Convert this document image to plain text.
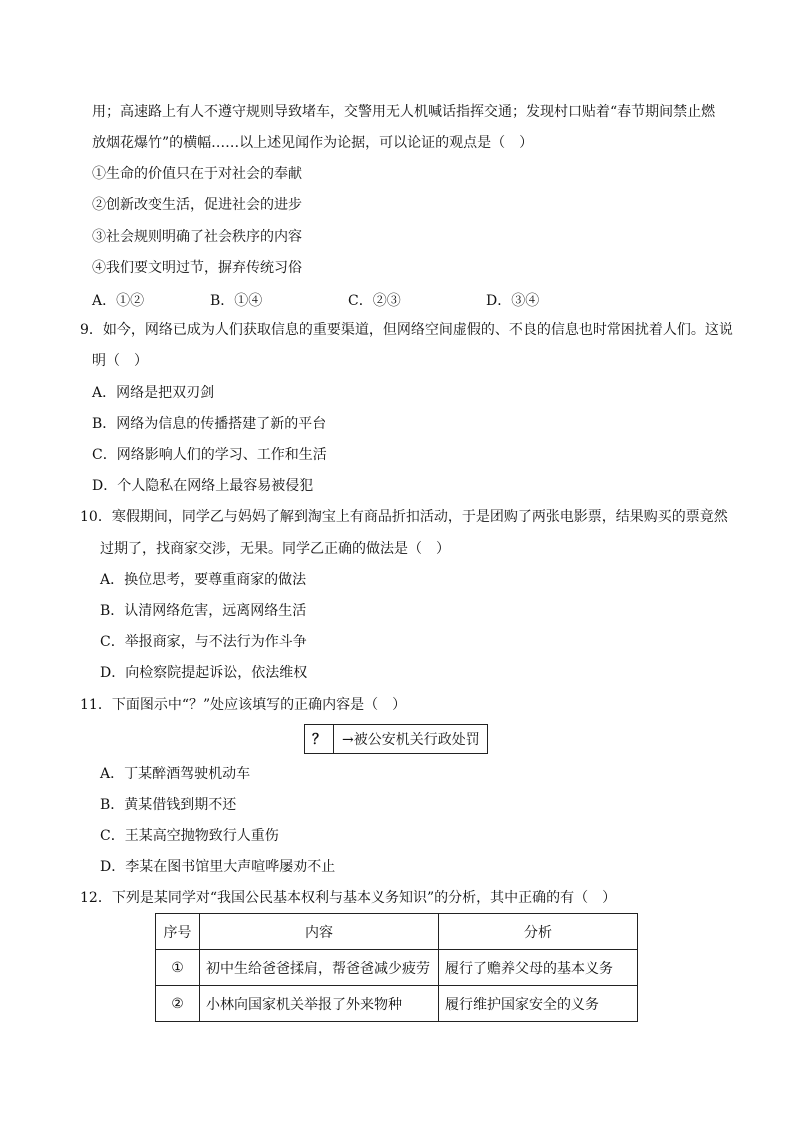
用；高速路上有人不遵守规则导致堵车，交警用无人机喊话指挥交通；发现村口贴着“春节期间禁止燃
放烟花爆竹”的横幅……以上述见闻作为论据，可以论证的观点是（　）
①生命的价值只在于对社会的奉献
②创新改变生活，促进社会的进步
③社会规则明确了社会秩序的内容
④我们要文明过节，摒弃传统习俗
A．①②	B．①④	C．②③	D．③④
9．如今，网络已成为人们获取信息的重要渠道，但网络空间虚假的、不良的信息也时常困扰着人们。这说
明（　）
A．网络是把双刃剑
B．网络为信息的传播搭建了新的平台
C．网络影响人们的学习、工作和生活
D．个人隐私在网络上最容易被侵犯
10．寒假期间，同学乙与妈妈了解到淘宝上有商品折扣活动，于是团购了两张电影票，结果购买的票竟然
过期了，找商家交涉，无果。同学乙正确的做法是（　）
A．换位思考，要尊重商家的做法
B．认清网络危害，远离网络生活
C．举报商家，与不法行为作斗争
D．向检察院提起诉讼，依法维权
11．下面图示中“？”处应该填写的正确内容是（　）
？	→被公安机关行政处罚
A．丁某醉酒驾驶机动车
B．黄某借钱到期不还
C．王某高空抛物致行人重伤
D．李某在图书馆里大声喧哗屡劝不止
12．下列是某同学对“我国公民基本权利与基本义务知识”的分析，其中正确的有（　）
序号	内容	分析
①	初中生给爸爸揉肩，帮爸爸减少疲劳	履行了赡养父母的基本义务
②	小林向国家机关举报了外来物种	履行维护国家安全的义务
